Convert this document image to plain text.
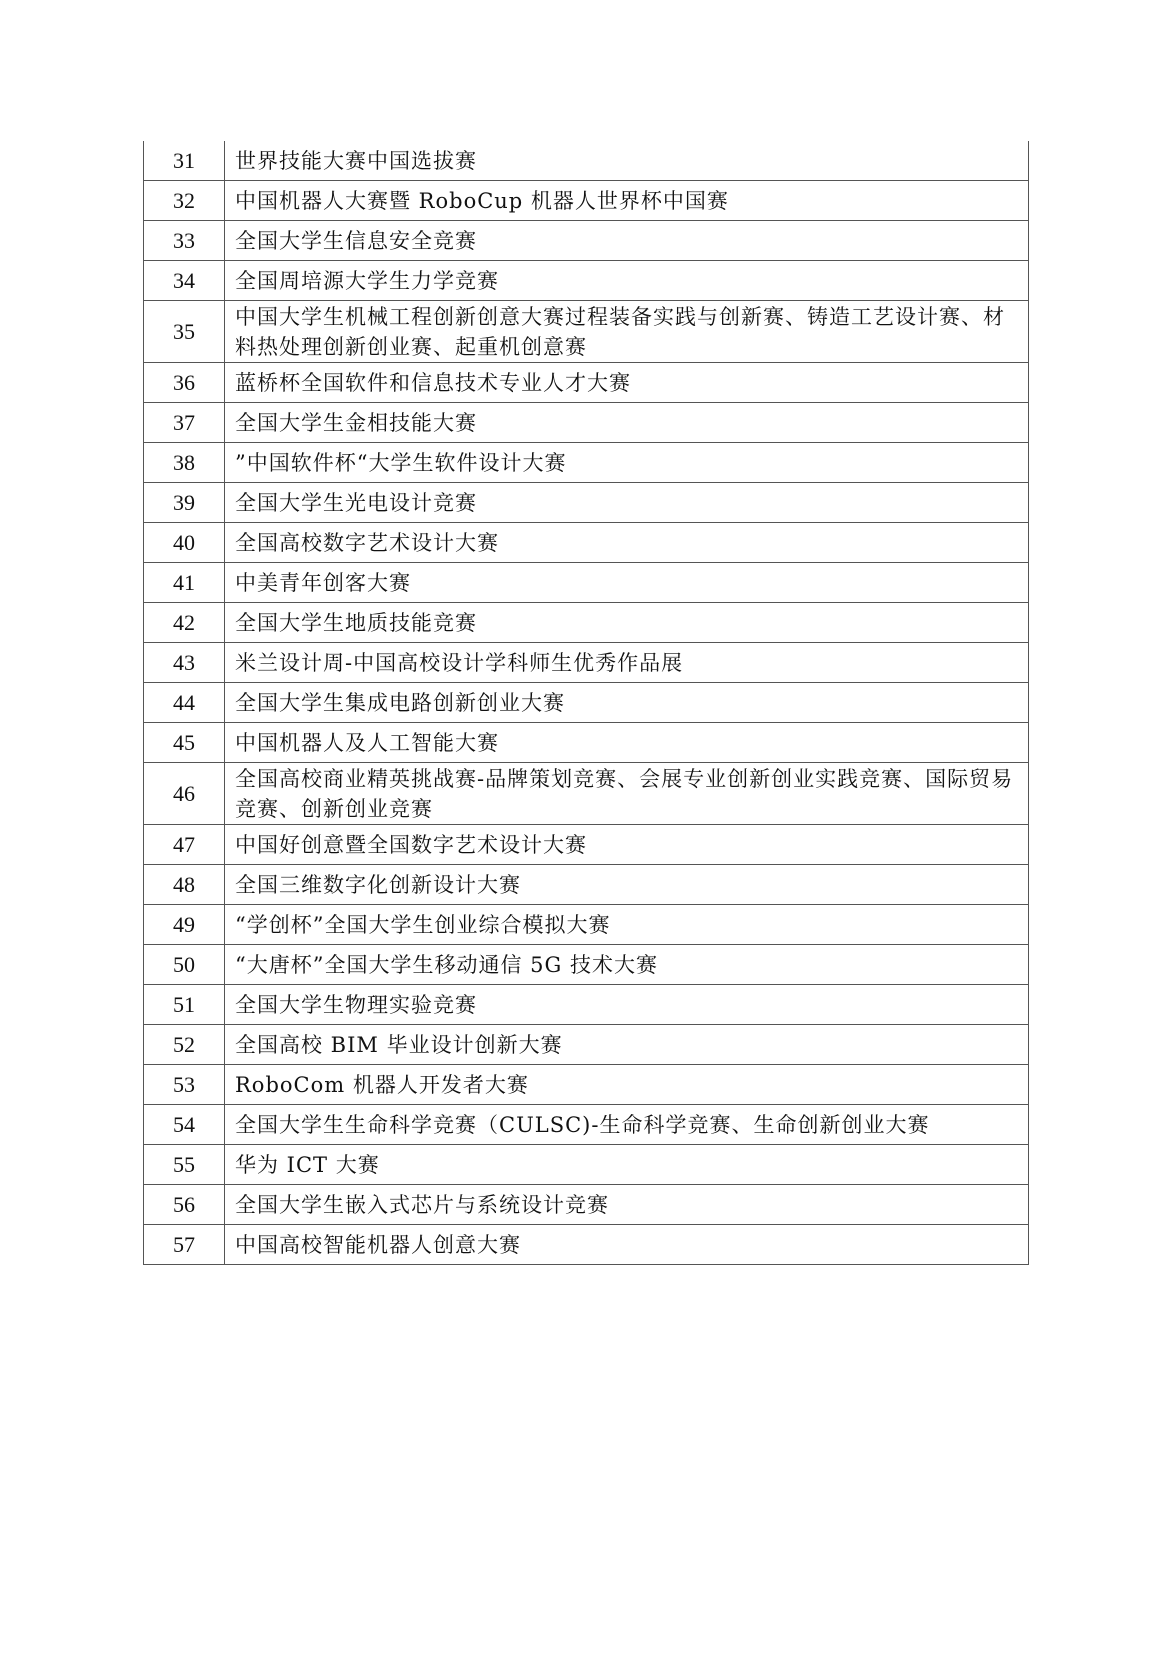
31	世界技能大赛中国选拔赛
32	中国机器人大赛暨 RoboCup 机器人世界杯中国赛
33	全国大学生信息安全竞赛
34	全国周培源大学生力学竞赛
35	中国大学生机械工程创新创意大赛过程装备实践与创新赛、铸造工艺设计赛、材料热处理创新创业赛、起重机创意赛
36	蓝桥杯全国软件和信息技术专业人才大赛
37	全国大学生金相技能大赛
38	”中国软件杯“大学生软件设计大赛
39	全国大学生光电设计竞赛
40	全国高校数字艺术设计大赛
41	中美青年创客大赛
42	全国大学生地质技能竞赛
43	米兰设计周-中国高校设计学科师生优秀作品展
44	全国大学生集成电路创新创业大赛
45	中国机器人及人工智能大赛
46	全国高校商业精英挑战赛-品牌策划竞赛、会展专业创新创业实践竞赛、国际贸易竞赛、创新创业竞赛
47	中国好创意暨全国数字艺术设计大赛
48	全国三维数字化创新设计大赛
49	“学创杯”全国大学生创业综合模拟大赛
50	“大唐杯”全国大学生移动通信 5G 技术大赛
51	全国大学生物理实验竞赛
52	全国高校 BIM 毕业设计创新大赛
53	RoboCom 机器人开发者大赛
54	全国大学生生命科学竞赛（CULSC)-生命科学竞赛、生命创新创业大赛
55	华为 ICT 大赛
56	全国大学生嵌入式芯片与系统设计竞赛
57	中国高校智能机器人创意大赛
